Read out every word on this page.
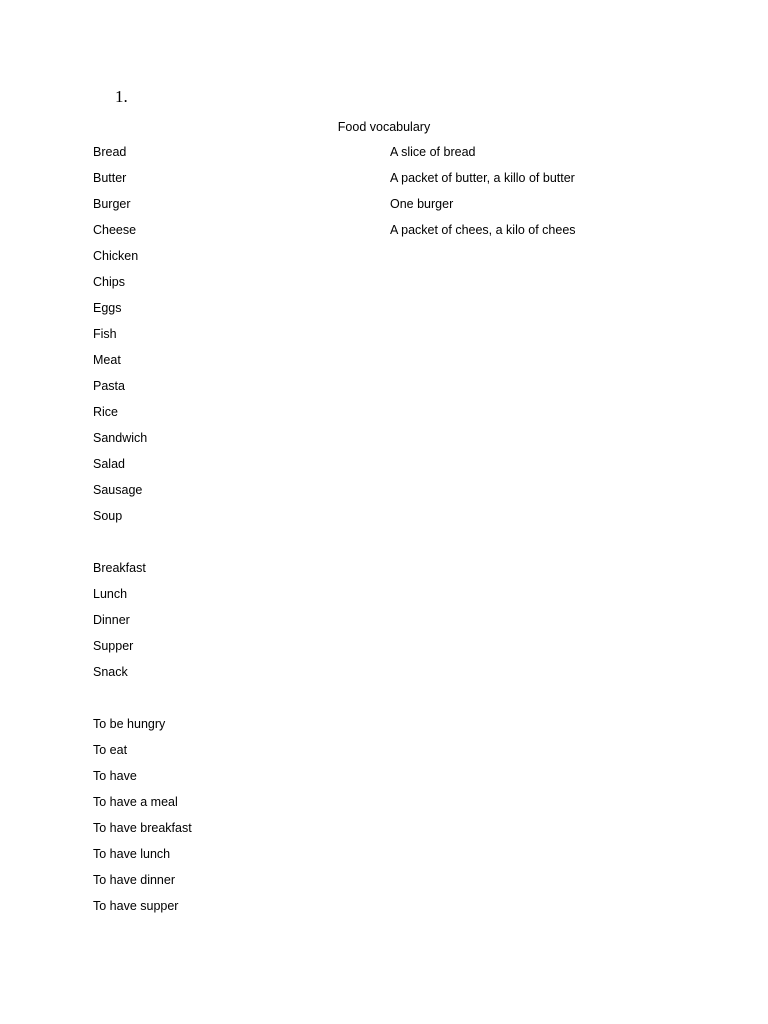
1.
Food vocabulary
Bread
Butter
Burger
Cheese
Chicken
Chips
Eggs
Fish
Meat
Pasta
Rice
Sandwich
Salad
Sausage
Soup
Breakfast
Lunch
Dinner
Supper
Snack
To be hungry
To eat
To have
To have a meal
To have breakfast
To have lunch
To have dinner
To have supper
A slice of bread
A packet of butter, a killo of butter
One burger
A packet of chees, a kilo of chees
